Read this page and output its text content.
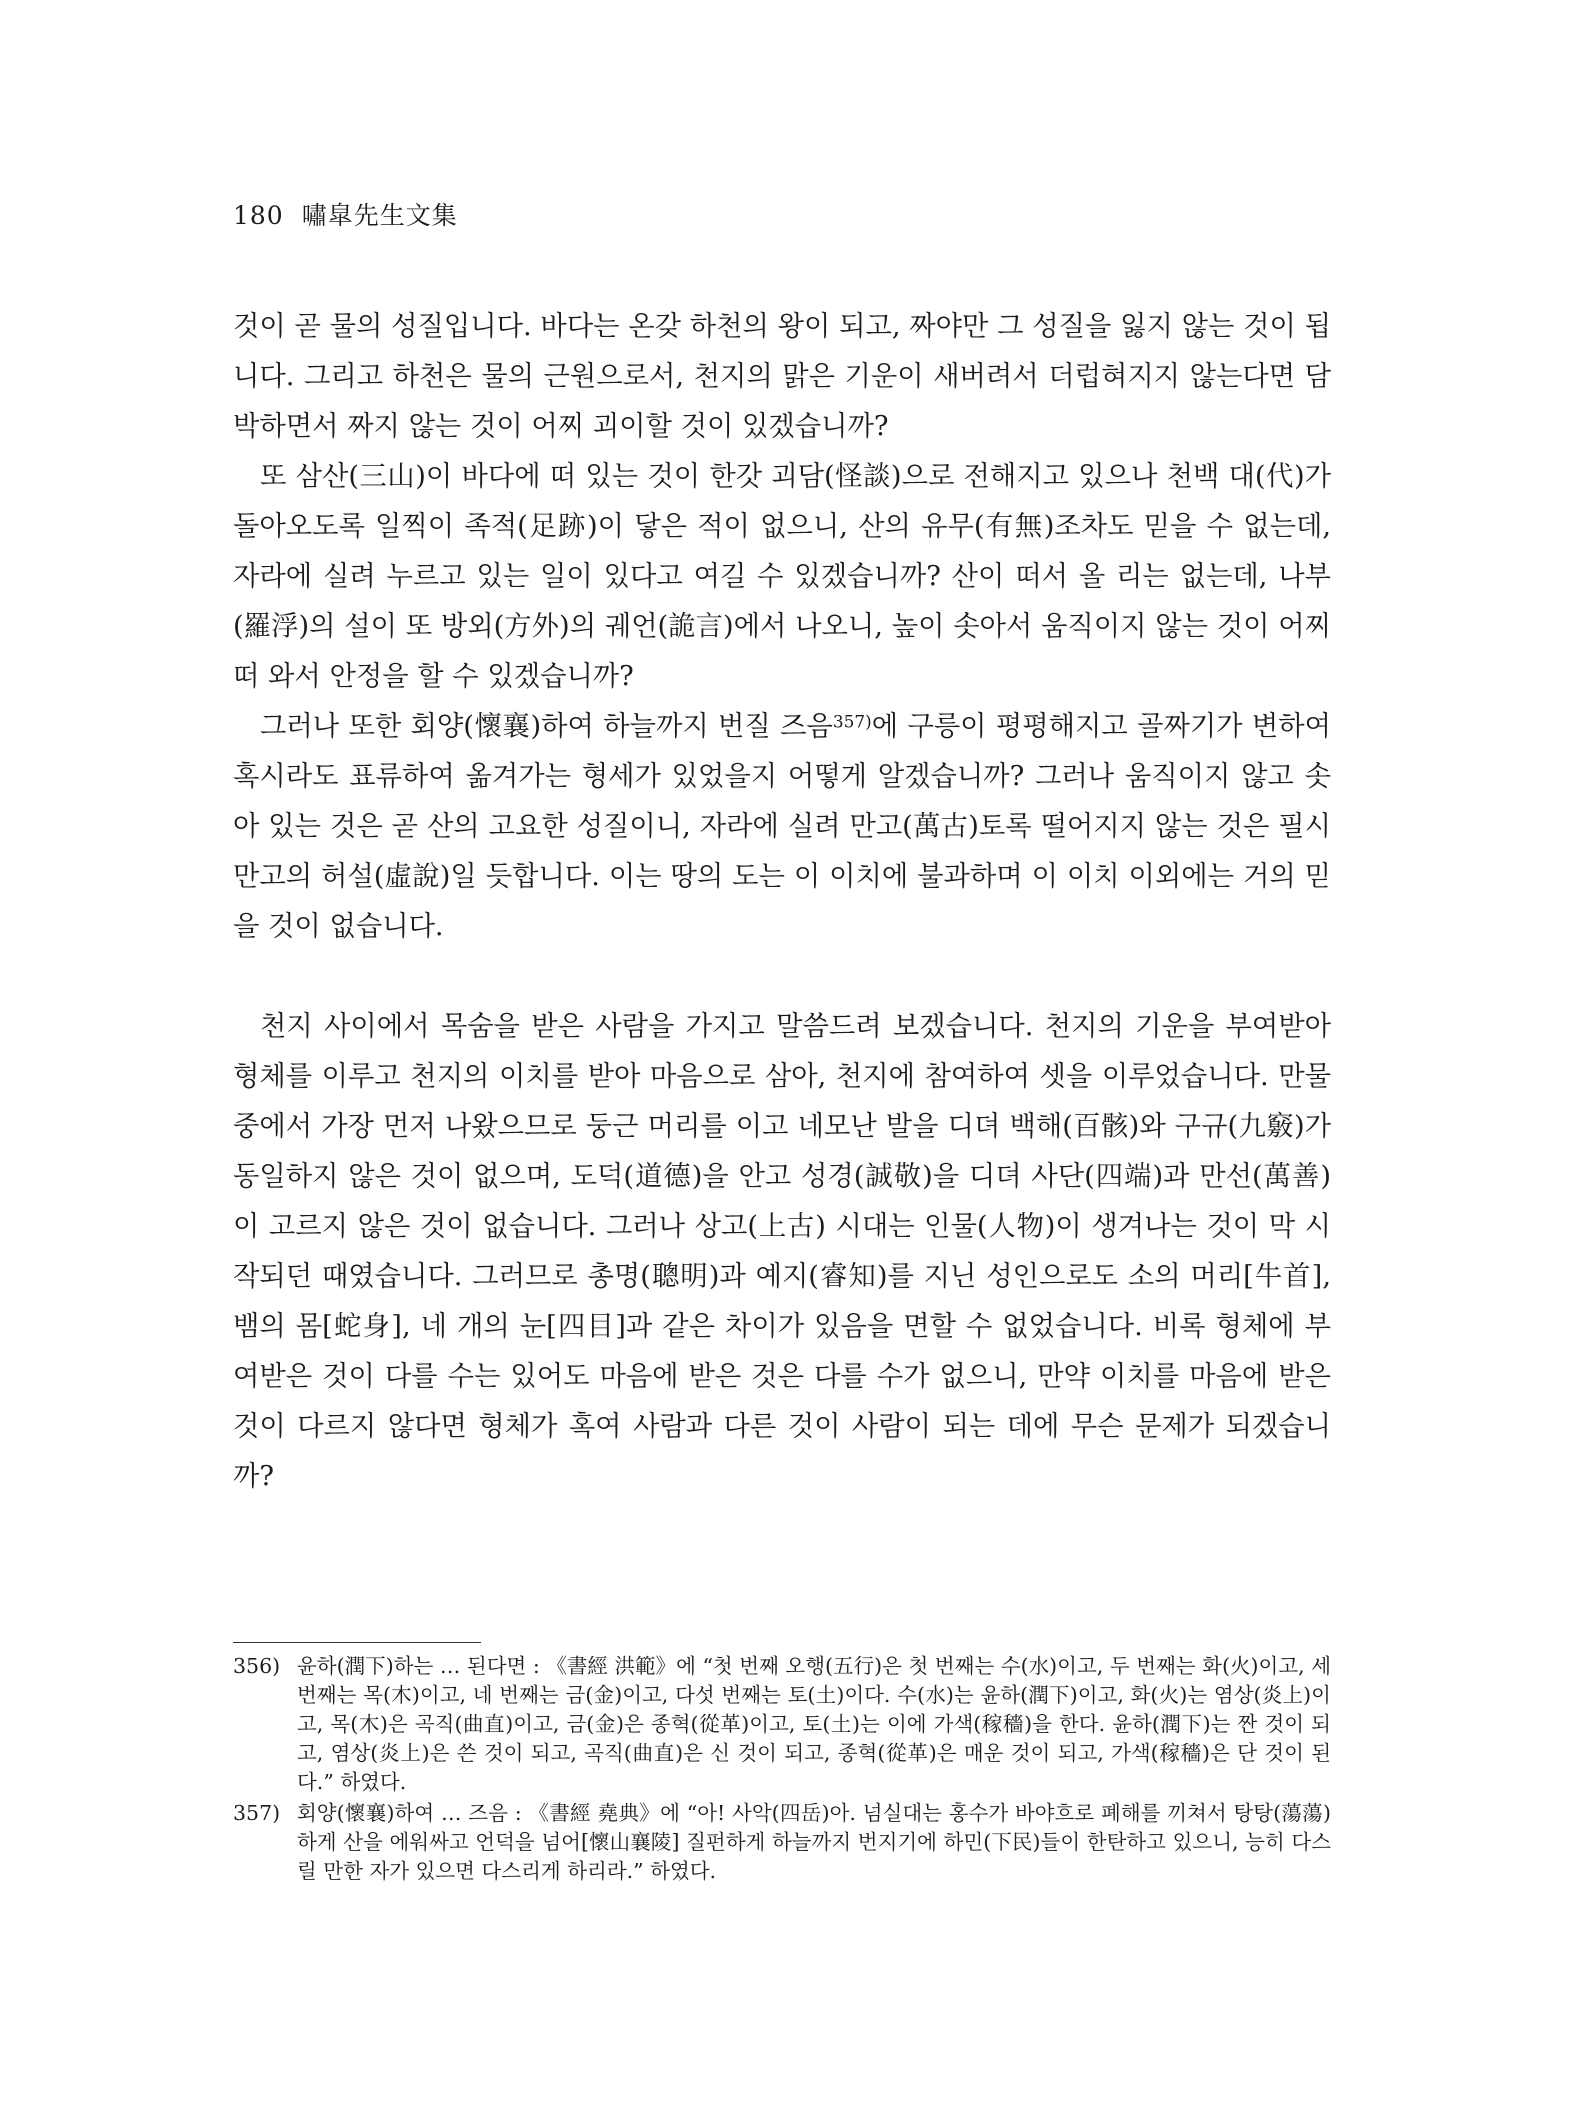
180 嘯皐先生文集

것이 곧 물의 성질입니다. 바다는 온갖 하천의 왕이 되고, 짜야만 그 성질을 잃지 않는 것이 됩니다. 그리고 하천은 물의 근원으로서, 천지의 맑은 기운이 새버려서 더럽혀지지 않는다면 담박하면서 짜지 않는 것이 어찌 괴이할 것이 있겠습니까?

또 삼산(三山)이 바다에 떠 있는 것이 한갓 괴담(怪談)으로 전해지고 있으나 천백 대(代)가 돌아오도록 일찍이 족적(足跡)이 닿은 적이 없으니, 산의 유무(有無)조차도 믿을 수 없는데, 자라에 실려 누르고 있는 일이 있다고 여길 수 있겠습니까? 산이 떠서 올 리는 없는데, 나부(羅浮)의 설이 또 방외(方外)의 궤언(詭言)에서 나오니, 높이 솟아서 움직이지 않는 것이 어찌 떠 와서 안정을 할 수 있겠습니까?

그러나 또한 회양(懷襄)하여 하늘까지 번질 즈음$^{357)}$에 구릉이 평평해지고 골짜기가 변하여 혹시라도 표류하여 옮겨가는 형세가 있었을지 어떻게 알겠습니까? 그러나 움직이지 않고 솟아 있는 것은 곧 산의 고요한 성질이니, 자라에 실려 만고(萬古)토록 떨어지지 않는 것은 필시 만고의 허설(虛說)일 듯합니다. 이는 땅의 도는 이 이치에 불과하며 이 이치 이외에는 거의 믿을 것이 없습니다.

천지 사이에서 목숨을 받은 사람을 가지고 말씀드려 보겠습니다. 천지의 기운을 부여받아 형체를 이루고 천지의 이치를 받아 마음으로 삼아, 천지에 참여하여 셋을 이루었습니다. 만물 중에서 가장 먼저 나왔으므로 둥근 머리를 이고 네모난 발을 디뎌 백해(百骸)와 구규(九竅)가 동일하지 않은 것이 없으며, 도덕(道德)을 안고 성경(誠敬)을 디뎌 사단(四端)과 만선(萬善)이 고르지 않은 것이 없습니다. 그러나 상고(上古) 시대는 인물(人物)이 생겨나는 것이 막 시작되던 때였습니다. 그러므로 총명(聰明)과 예지(睿知)를 지닌 성인으로도 소의 머리[牛首], 뱀의 몸[蛇身], 네 개의 눈[四目]과 같은 차이가 있음을 면할 수 없었습니다. 비록 형체에 부여받은 것이 다를 수는 있어도 마음에 받은 것은 다를 수가 없으니, 만약 이치를 마음에 받은 것이 다르지 않다면 형체가 혹여 사람과 다른 것이 사람이 되는 데에 무슨 문제가 되겠습니까?

356) 윤하(潤下)하는 … 된다면 : 《書經 洪範》에 “첫 번째 오행(五行)은 첫 번째는 수(水)이고, 두 번째는 화(火)이고, 세 번째는 목(木)이고, 네 번째는 금(金)이고, 다섯 번째는 토(土)이다. 수(水)는 윤하(潤下)이고, 화(火)는 염상(炎上)이고, 목(木)은 곡직(曲直)이고, 금(金)은 종혁(從革)이고, 토(土)는 이에 가색(稼穡)을 한다. 윤하(潤下)는 짠 것이 되고, 염상(炎上)은 쓴 것이 되고, 곡직(曲直)은 신 것이 되고, 종혁(從革)은 매운 것이 되고, 가색(稼穡)은 단 것이 된다.” 하였다.
357) 회양(懷襄)하여 … 즈음 : 《書經 堯典》에 “아! 사악(四岳)아. 넘실대는 홍수가 바야흐로 폐해를 끼쳐서 탕탕(蕩蕩)하게 산을 에워싸고 언덕을 넘어[懷山襄陵] 질펀하게 하늘까지 번지기에 하민(下民)들이 한탄하고 있으니, 능히 다스릴 만한 자가 있으면 다스리게 하리라.” 하였다.
